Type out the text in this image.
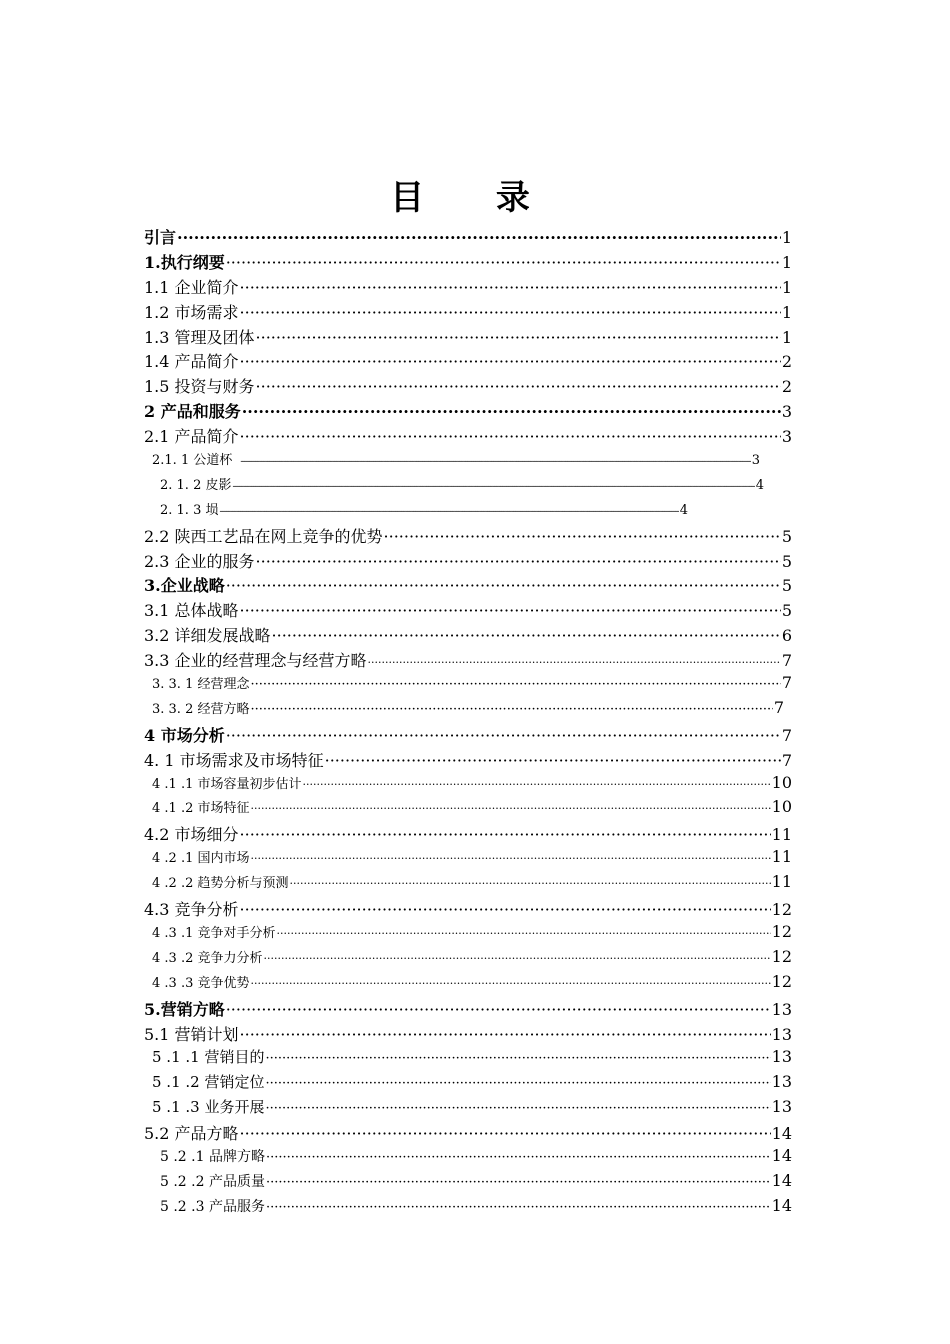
目 录
引言 ·····	1
1.执行纲要 ·····	1
1.1 企业简介 ·····	1
1.2 市场需求 ·····	1
1.3 管理及团体 ·····	1
1.4 产品简介 ·····	2
1.5 投资与财务 ·····	2
2 产品和服务 ·····	3
2.1 产品简介 ·····	3
2.1. 1 公道杯 -----	3
2. 1. 2 皮影 -----	4
2. 1. 3 埙 -----	4
2.2 陕西工艺品在网上竞争的优势 ·····	5
2.3 企业的服务 ·····	5
3.企业战略 ·····	5
3.1 总体战略 ·····	5
3.2 详细发展战略 ·····	6
3.3 企业的经营理念与经营方略 ·····	7
3. 3. 1 经营理念 ·····	7
3. 3. 2 经营方略 ·····	7
4 市场分析 ·····	7
4. 1 市场需求及市场特征 ·····	7
4 .1 .1 市场容量初步估计 ·····	10
4 .1 .2 市场特征 ·····	10
4.2 市场细分 ·····	11
4 .2 .1 国内市场 ·····	11
4 .2 .2 趋势分析与预测 ·····	11
4.3 竞争分析 ·····	12
4 .3 .1 竞争对手分析 ·····	12
4 .3 .2 竞争力分析 ·····	12
4 .3 .3 竞争优势 ·····	12
5.营销方略 ·····	13
5.1 营销计划 ·····	13
5 .1 .1 营销目的 ·····	13
5 .1 .2 营销定位 ·····	13
5 .1 .3 业务开展 ·····	13
5.2 产品方略 ·····	14
5 .2 .1 品牌方略 ·····	14
5 .2 .2 产品质量 ·····	14
5 .2 .3 产品服务 ·····	14
